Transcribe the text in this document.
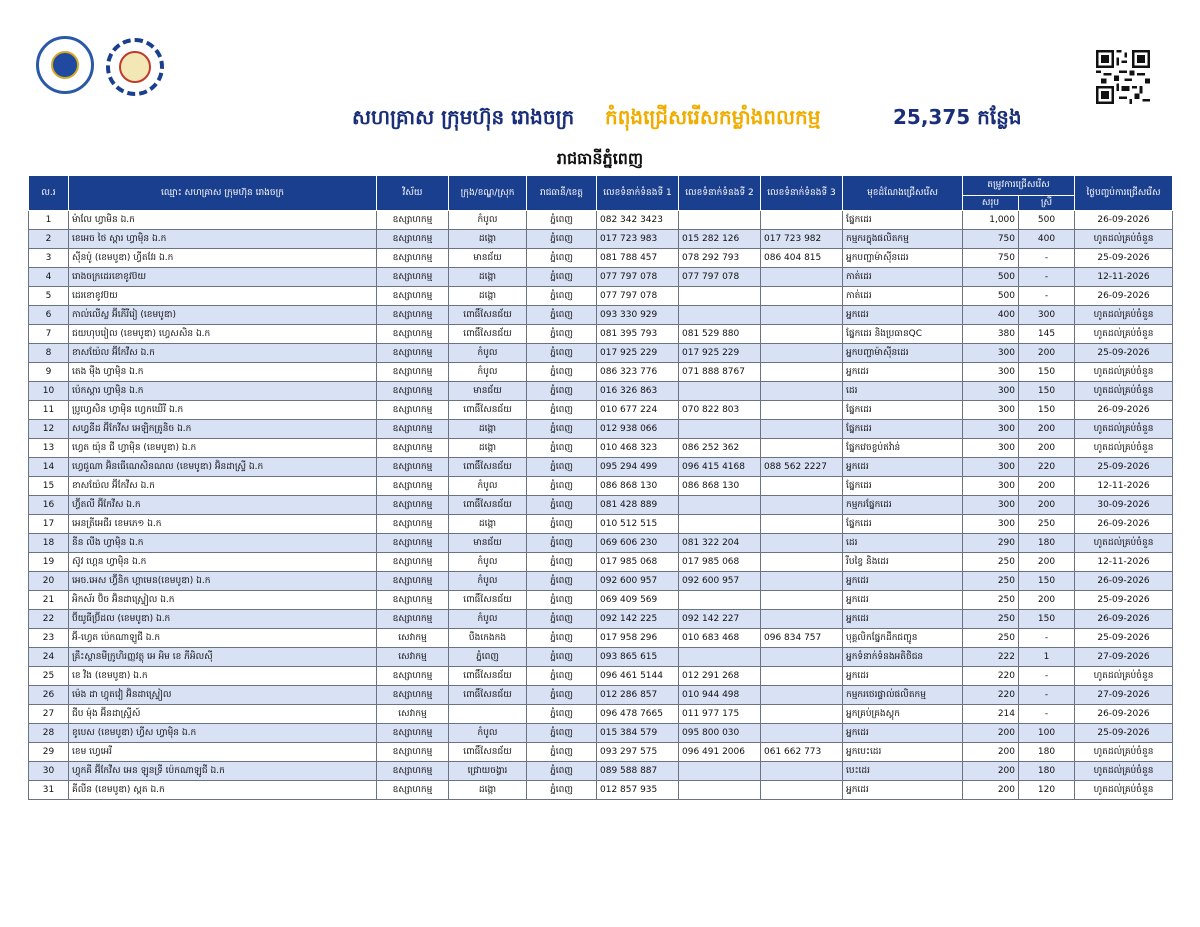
សហគ្រាស ក្រុមហ៊ុន រោងចក្រ កំពុងជ្រើសរើសកម្លាំងពលកម្ម	25,375 កន្លែង
រាជធានីភ្នំពេញ
ល.រ	ឈ្មោះ សហគ្រាស ក្រុមហ៊ុន រោងចក្រ	វិស័យ	ក្រុង/ខណ្ឌ/ស្រុក	រាជធានី/ខេត្ត	លេខទំនាក់ទំនងទី 1	លេខទំនាក់ទំនងទី 2	លេខទំនាក់ទំនងទី 3	មុខដំណែងជ្រើសរើស	តម្រូវការជ្រើសរើស		ថ្ងៃបញ្ចប់ការជ្រើសរើស
									សរុប	ស្រី	
1	ម៉ាលែ ហ្វាមិន ឯ.ក	ឧស្សាហកម្ម	កំបូល	ភ្នំពេញ	082 342 3423			ផ្នែកដេរ	1,000	500	26-09-2026
2	ខេអេច ថៃ ស្ពារ ហ្វាម៉ិន ឯ.ក	ឧស្សាហកម្ម	ដង្កោ	ភ្នំពេញ	017 723 983	015 282 126	017 723 982	កម្មករក្នុងផលិតកម្ម	750	400	ហូតដល់គ្រប់ចំនួន
3	ស៊ីនប៉ូ (ខេមបូឌា) ហ្វីតវែរ ឯ.ក	ឧស្សាហកម្ម	មានជ័យ	ភ្នំពេញ	081 788 457	078 292 793	086 404 815	អ្នកបញ្ជាម៉ាស៊ីនដេរ	750	-	25-09-2026
4	រោងចក្រដេរខោខូវប៊យ	ឧស្សាហកម្ម	ដង្កោ	ភ្នំពេញ	077 797 078	077 797 078		កាត់ដេរ	500	-	12-11-2026
5	ដេរខោខូវប៊យ	ឧស្សាហកម្ម	ដង្កោ	ភ្នំពេញ	077 797 078			កាត់ដេរ	500	-	26-09-2026
6	កាល់លើស្ល អ៊ីភើរីរៀ (ខេមបូឌា)	ឧស្សាហកម្ម	ពោធិ៍សែនជ័យ	ភ្នំពេញ	093 330 929			អ្នកដេរ	400	300	ហូតដល់គ្រប់ចំនួន
7	ជយហុបរៀល (ខេមបូឌា) ហ្វេសសិន ឯ.ក	ឧស្សាហកម្ម	ពោធិ៍សែនជ័យ	ភ្នំពេញ	081 395 793	081 529 880		ផ្នែកដេរ និងប្រធានQC	380	145	ហូតដល់គ្រប់ចំនួន
8	ខាសយ៉ែល អ៊ីកែវីស ឯ.ក	ឧស្សាហកម្ម	កំបូល	ភ្នំពេញ	017 925 229	017 925 229		អ្នកបញ្ជាម៉ាស៊ីនដេរ	300	200	25-09-2026
9	តេង ម៉ឹង ហ្វាម៉ិន ឯ.ក	ឧស្សាហកម្ម	កំបូល	ភ្នំពេញ	086 323 776	071 888 8767		អ្នកដេរ	300	150	ហូតដល់គ្រប់ចំនួន
10	ប៉េកស្តារ ហ្វាម៉ិន ឯ.ក	ឧស្សាហកម្ម	មានជ័យ	ភ្នំពេញ	016 326 863			ដេរ	300	150	ហូតដល់គ្រប់ចំនួន
11	ប្រូហ្វេសិន ហ្វាម៉ិន ហ្វេកឃើរី ឯ.ក	ឧស្សាហកម្ម	ពោធិ៍សែនជ័យ	ភ្នំពេញ	010 677 224	070 822 803		ផ្នែកដេរ	300	150	26-09-2026
12	សហ្វ្វនីដ អ៊ីកែវីស អេឡិកត្រូនិច ឯ.ក	ឧស្សាហកម្ម	ដង្កោ	ភ្នំពេញ	012 938 066			ផ្នែកដេរ	300	200	ហូតដល់គ្រប់ចំនួន
13	ហ្វេត យ៉ុន ជី ហ្វាម៉ិន (ខេមបូឌា) ឯ.ក	ឧស្សាហកម្ម	ដង្កោ	ភ្នំពេញ	010 468 323	086 252 362		ផ្នែកវេចខ្ចប់ឥវ៉ាន់	300	200	ហូតដល់គ្រប់ចំនួន
14	ហ្វេជួណា អ៊ិនធើណេសិនណល (ខេមបូឌា) អ៊ិនដាស្ទ្រី ឯ.ក	ឧស្សាហកម្ម	ពោធិ៍សែនជ័យ	ភ្នំពេញ	095 294 499	096 415 4168	088 562 2227	អ្នកដេរ	300	220	25-09-2026
15	ខាសយ៉ែល អ៊ីកែវីស ឯ.ក	ឧស្សាហកម្ម	កំបូល	ភ្នំពេញ	086 868 130	086 868 130		ផ្នែកដេរ	300	200	12-11-2026
16	ហ្វ៊ីតលី អ៊ីកែវីស ឯ.ក	ឧស្សាហកម្ម	ពោធិ៍សែនជ័យ	ភ្នំពេញ	081 428 889			កម្មករផ្នែកដេរ	300	200	30-09-2026
17	អេនត្រីអេជីរ ខេមភេ១ ឯ.ក	ឧស្សាហកម្ម	ដង្កោ	ភ្នំពេញ	010 512 515			ផ្នែកដេរ	300	250	26-09-2026
18	នីន លីង ហ្វាម៉ិន ឯ.ក	ឧស្សាហកម្ម	មានជ័យ	ភ្នំពេញ	069 606 230	081 322 204		ដេរ	290	180	ហូតដល់គ្រប់ចំនួន
19	ស៊ូវ ហ្គេន ហ្វាម៉ិន ឯ.ក	ឧស្សាហកម្ម	កំបូល	ភ្នំពេញ	017 985 068	017 985 068		រឹបខ្វៃ និងដេរ	250	200	12-11-2026
20	អេច.អេស ហ្វ៊ីនិក ហ្គាមេន(ខេមបូឌា) ឯ.ក	ឧស្សាហកម្ម	កំបូល	ភ្នំពេញ	092 600 957	092 600 957		អ្នកដេរ	250	150	26-09-2026
21	អិកស័រ ប៊ិច អ៊ិនដាស្ទ្រៀល ឯ.ក	ឧស្សាហកម្ម	ពោធិ៍សែនជ័យ	ភ្នំពេញ	069 409 569			អ្នកដេរ	250	200	25-09-2026
22	ប៊ីយូធីប្រ៊ីដល (ខេមបូឌា) ឯ.ក	ឧស្សាហកម្ម	កំបូល	ភ្នំពេញ	092 142 225	092 142 227		អ្នកដេរ	250	150	26-09-2026
23	អ៊ី-ហ្វេត ប៉េកណាឡូជី ឯ.ក	សេវាកម្ម	បឹងកេងកង	ភ្នំពេញ	017 958 296	010 683 468	096 834 757	បុគ្គលិកផ្នែកដឹកជញ្ជូន	250	-	25-09-2026
24	គ្រឹះស្ថានមីក្រូហិរញ្ញវត្ថុ អេ អិម ខេ ភីអិលស៊ី	សេវាកម្ម	ភ្នំពេញ	ភ្នំពេញ	093 865 615			អ្នកទំនាក់ទំនងអតិថិជន	222	1	27-09-2026
25	ខេ វិង (ខេមបូឌា) ឯ.ក	ឧស្សាហកម្ម	ពោធិ៍សែនជ័យ	ភ្នំពេញ	096 461 5144	012 291 268		អ្នកដេរ	220	-	ហូតដល់គ្រប់ចំនួន
26	ម៉េង ដា ហ្វុតវៀ អ៊ិនដាស្ទ្រៀល	ឧស្សាហកម្ម	ពោធិ៍សែនជ័យ	ភ្នំពេញ	012 286 857	010 944 498		កម្មករថេរផ្ទាល់ផលិតកម្ម	220	-	27-09-2026
27	ជីប ម៉ុង អ៊ីនដាស្ទ្រីស៍	សេវាកម្ម		ភ្នំពេញ	096 478 7665	011 977 175		អ្នកគ្រប់គ្រងស្តុក	214	-	26-09-2026
28	ខូបេស (ខេមបូឌា) ហ្វីស ហ្វាម៉ិន ឯ.ក	ឧស្សាហកម្ម	កំបូល	ភ្នំពេញ	015 384 579	095 800 030		អ្នកដេរ	200	100	25-09-2026
29	ខេម ហ្វេអេរី	ឧស្សាហកម្ម	ពោធិ៍សែនជ័យ	ភ្នំពេញ	093 297 575	096 491 2006	061 662 773	អ្នកបេះដេរ	200	180	ហូតដល់គ្រប់ចំនួន
30	ហ្វុកគី អ៊ីកែវីស អេន ឡូនទ្រី ប៉េកណាឡូជី ឯ.ក	ឧស្សាហកម្ម	ជ្រោយចង្វារ	ភ្នំពេញ	089 588 887			បេះដេរ	200	180	ហូតដល់គ្រប់ចំនួន
31	គីលីន (ខេមបូឌា) ស្ពត ឯ.ក	ឧស្សាហកម្ម	ដង្កោ	ភ្នំពេញ	012 857 935			អ្នកដេរ	200	120	ហូតដល់គ្រប់ចំនួន
